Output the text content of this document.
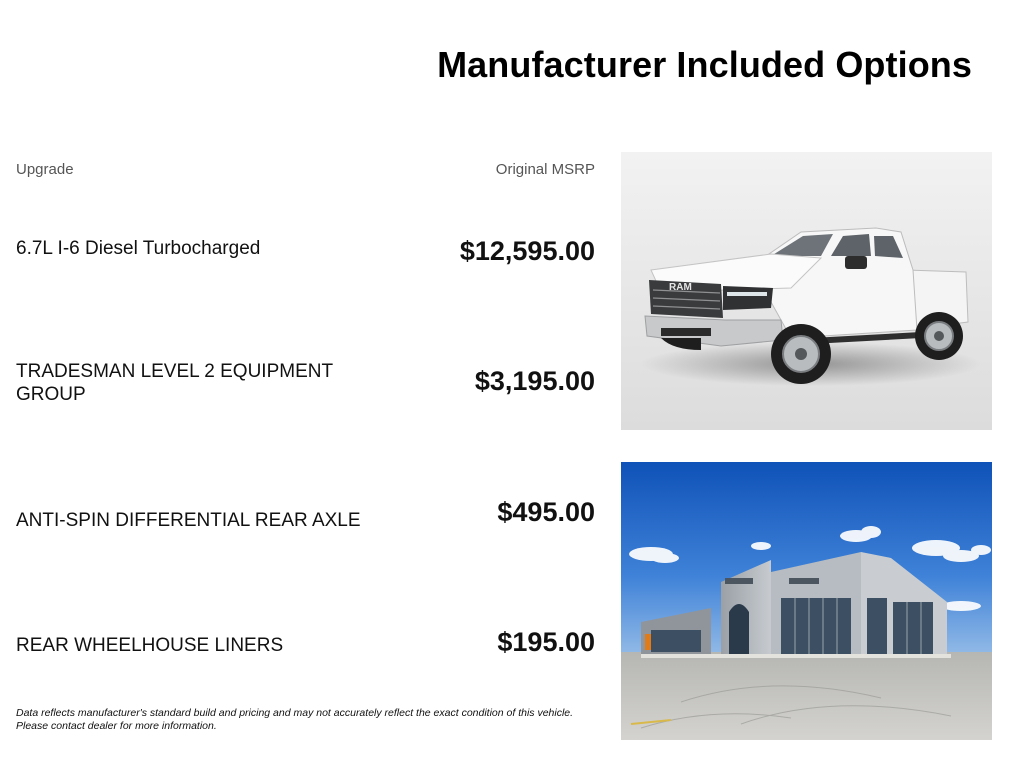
Manufacturer Included Options
Upgrade	Original MSRP
6.7L I-6 Diesel Turbocharged	$12,595.00
TRADESMAN LEVEL 2 EQUIPMENT GROUP	$3,195.00
ANTI-SPIN DIFFERENTIAL REAR AXLE	$495.00
REAR WHEELHOUSE LINERS	$195.00
Data reflects manufacturer's standard build and pricing and may not accurately reflect the exact condition of this vehicle.
Please contact dealer for more information.
RAM
